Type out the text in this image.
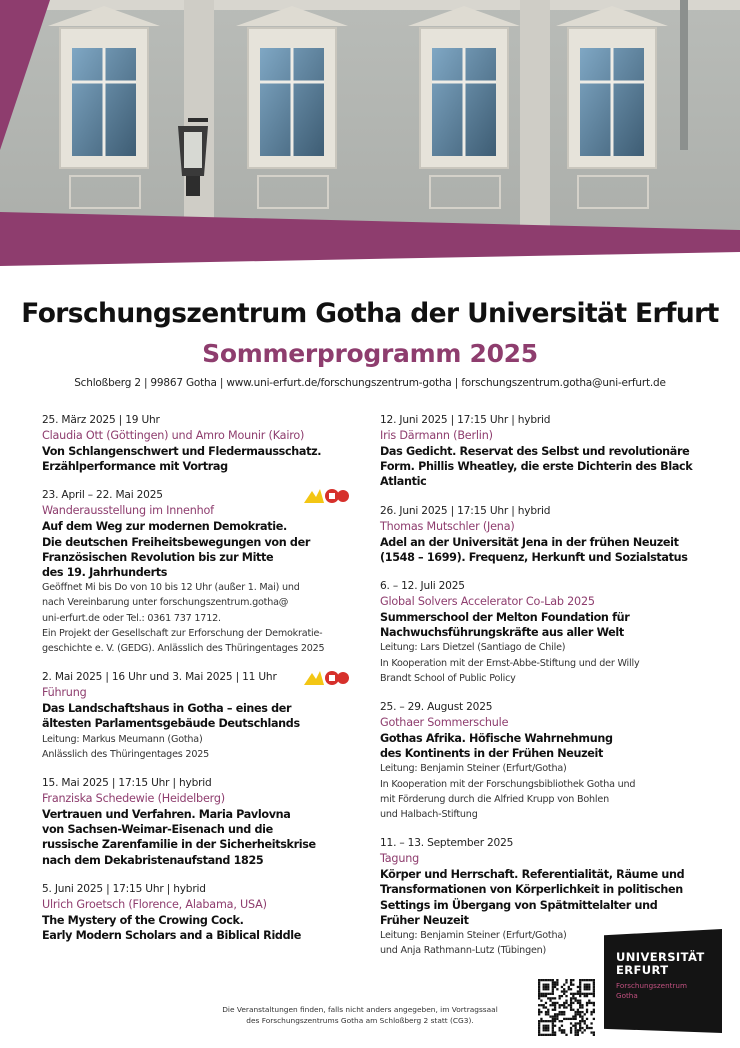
Forschungszentrum Gotha der Universität Erfurt
Sommerprogramm 2025
Schloßberg 2 | 99867 Gotha | www.uni-erfurt.de/forschungszentrum-gotha | forschungszentrum.gotha@uni-erfurt.de
25. März 2025 | 19 Uhr
Claudia Ott (Göttingen) und Amro Mounir (Kairo)
Von Schlangenschwert und Fledermausschatz.
Erzählperformance mit Vortrag
23. April – 22. Mai 2025
Wanderausstellung im Innenhof
Auf dem Weg zur modernen Demokratie.
Die deutschen Freiheitsbewegungen von der
Französischen Revolution bis zur Mitte
des 19. Jahrhunderts
Geöffnet Mi bis Do von 10 bis 12 Uhr (außer 1. Mai) und
nach Vereinbarung unter forschungszentrum.gotha@
uni-erfurt.de oder Tel.: 0361 737 1712.
Ein Projekt der Gesellschaft zur Erforschung der Demokratie-
geschichte e. V. (GEDG). Anlässlich des Thüringentages 2025
2. Mai 2025 | 16 Uhr und 3. Mai 2025 | 11 Uhr
Führung
Das Landschaftshaus in Gotha – eines der
ältesten Parlamentsgebäude Deutschlands
Leitung: Markus Meumann (Gotha)
Anlässlich des Thüringentages 2025
15. Mai 2025 | 17:15 Uhr | hybrid
Franziska Schedewie (Heidelberg)
Vertrauen und Verfahren. Maria Pavlovna
von Sachsen-Weimar-Eisenach und die
russische Zarenfamilie in der Sicherheitskrise
nach dem Dekabristenaufstand 1825
5. Juni 2025 | 17:15 Uhr | hybrid
Ulrich Groetsch (Florence, Alabama, USA)
The Mystery of the Crowing Cock.
Early Modern Scholars and a Biblical Riddle
12. Juni 2025 | 17:15 Uhr | hybrid
Iris Därmann (Berlin)
Das Gedicht. Reservat des Selbst und revolutionäre
Form. Phillis Wheatley, die erste Dichterin des Black
Atlantic
26. Juni 2025 | 17:15 Uhr | hybrid
Thomas Mutschler (Jena)
Adel an der Universität Jena in der frühen Neuzeit
(1548 – 1699). Frequenz, Herkunft und Sozialstatus
6. – 12. Juli 2025
Global Solvers Accelerator Co-Lab 2025
Summerschool der Melton Foundation für
Nachwuchsführungskräfte aus aller Welt
Leitung: Lars Dietzel (Santiago de Chile)
In Kooperation mit der Ernst-Abbe-Stiftung und der Willy
Brandt School of Public Policy
25. – 29. August 2025
Gothaer Sommerschule
Gothas Afrika. Höfische Wahrnehmung
des Kontinents in der Frühen Neuzeit
Leitung: Benjamin Steiner (Erfurt/Gotha)
In Kooperation mit der Forschungsbibliothek Gotha und
mit Förderung durch die Alfried Krupp von Bohlen
und Halbach-Stiftung
11. – 13. September 2025
Tagung
Körper und Herrschaft. Referentialität, Räume und
Transformationen von Körperlichkeit in politischen
Settings im Übergang von Spätmittelalter und
Früher Neuzeit
Leitung: Benjamin Steiner (Erfurt/Gotha)
und Anja Rathmann-Lutz (Tübingen)
Die Veranstaltungen finden, falls nicht anders angegeben, im Vortragssaal
des Forschungszentrums Gotha am Schloßberg 2 statt (CG3).
UNIVERSITÄT
ERFURT
Forschungszentrum
Gotha
